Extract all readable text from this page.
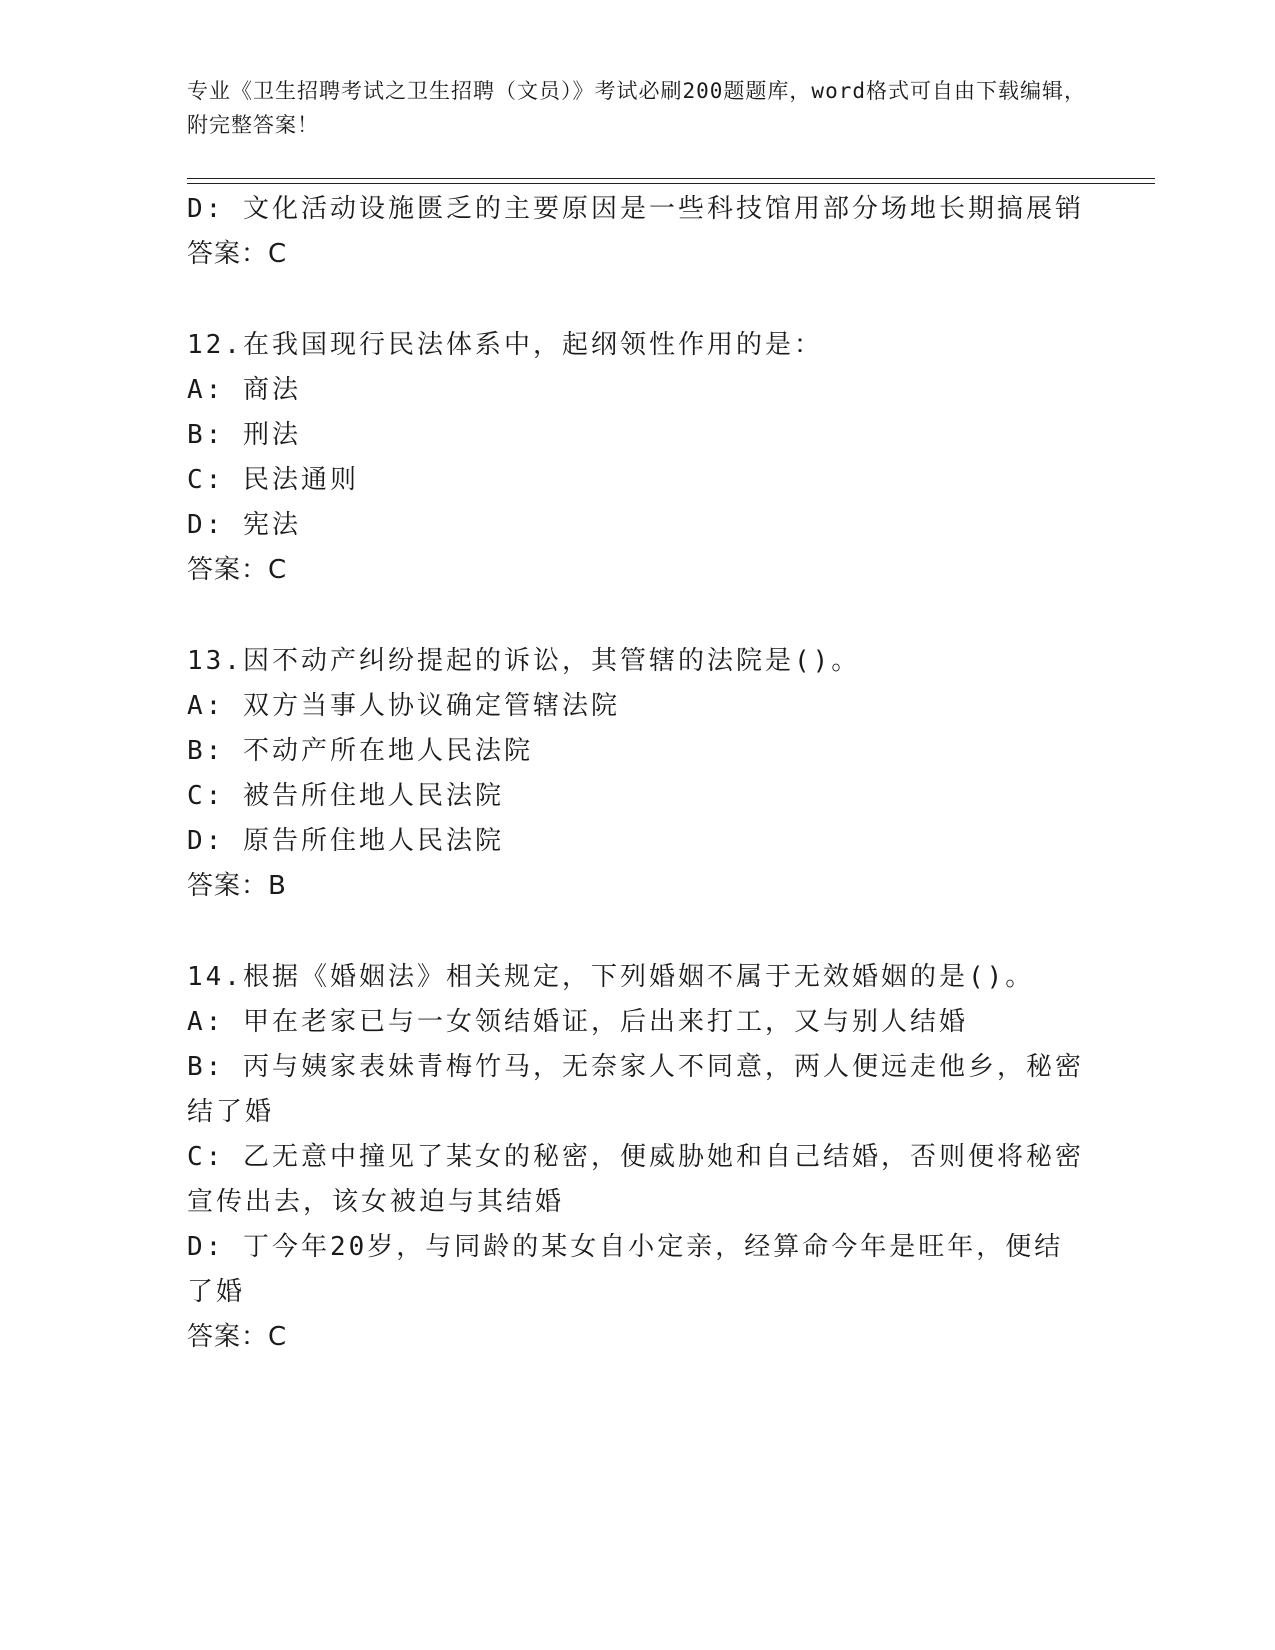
专业《卫生招聘考试之卫生招聘（文员）》考试必刷200题题库，word格式可自由下载编辑，附完整答案！
D: 文化活动设施匮乏的主要原因是一些科技馆用部分场地长期搞展销
答案：C
12.在我国现行民法体系中，起纲领性作用的是：
A: 商法
B: 刑法
C: 民法通则
D: 宪法
答案：C
13.因不动产纠纷提起的诉讼，其管辖的法院是()。
A: 双方当事人协议确定管辖法院
B: 不动产所在地人民法院
C: 被告所住地人民法院
D: 原告所住地人民法院
答案：B
14.根据《婚姻法》相关规定，下列婚姻不属于无效婚姻的是()。
A: 甲在老家已与一女领结婚证，后出来打工，又与别人结婚
B: 丙与姨家表妹青梅竹马，无奈家人不同意，两人便远走他乡，秘密
结了婚
C: 乙无意中撞见了某女的秘密，便威胁她和自己结婚，否则便将秘密
宣传出去，该女被迫与其结婚
D: 丁今年20岁，与同龄的某女自小定亲，经算命今年是旺年，便结
了婚
答案：C
